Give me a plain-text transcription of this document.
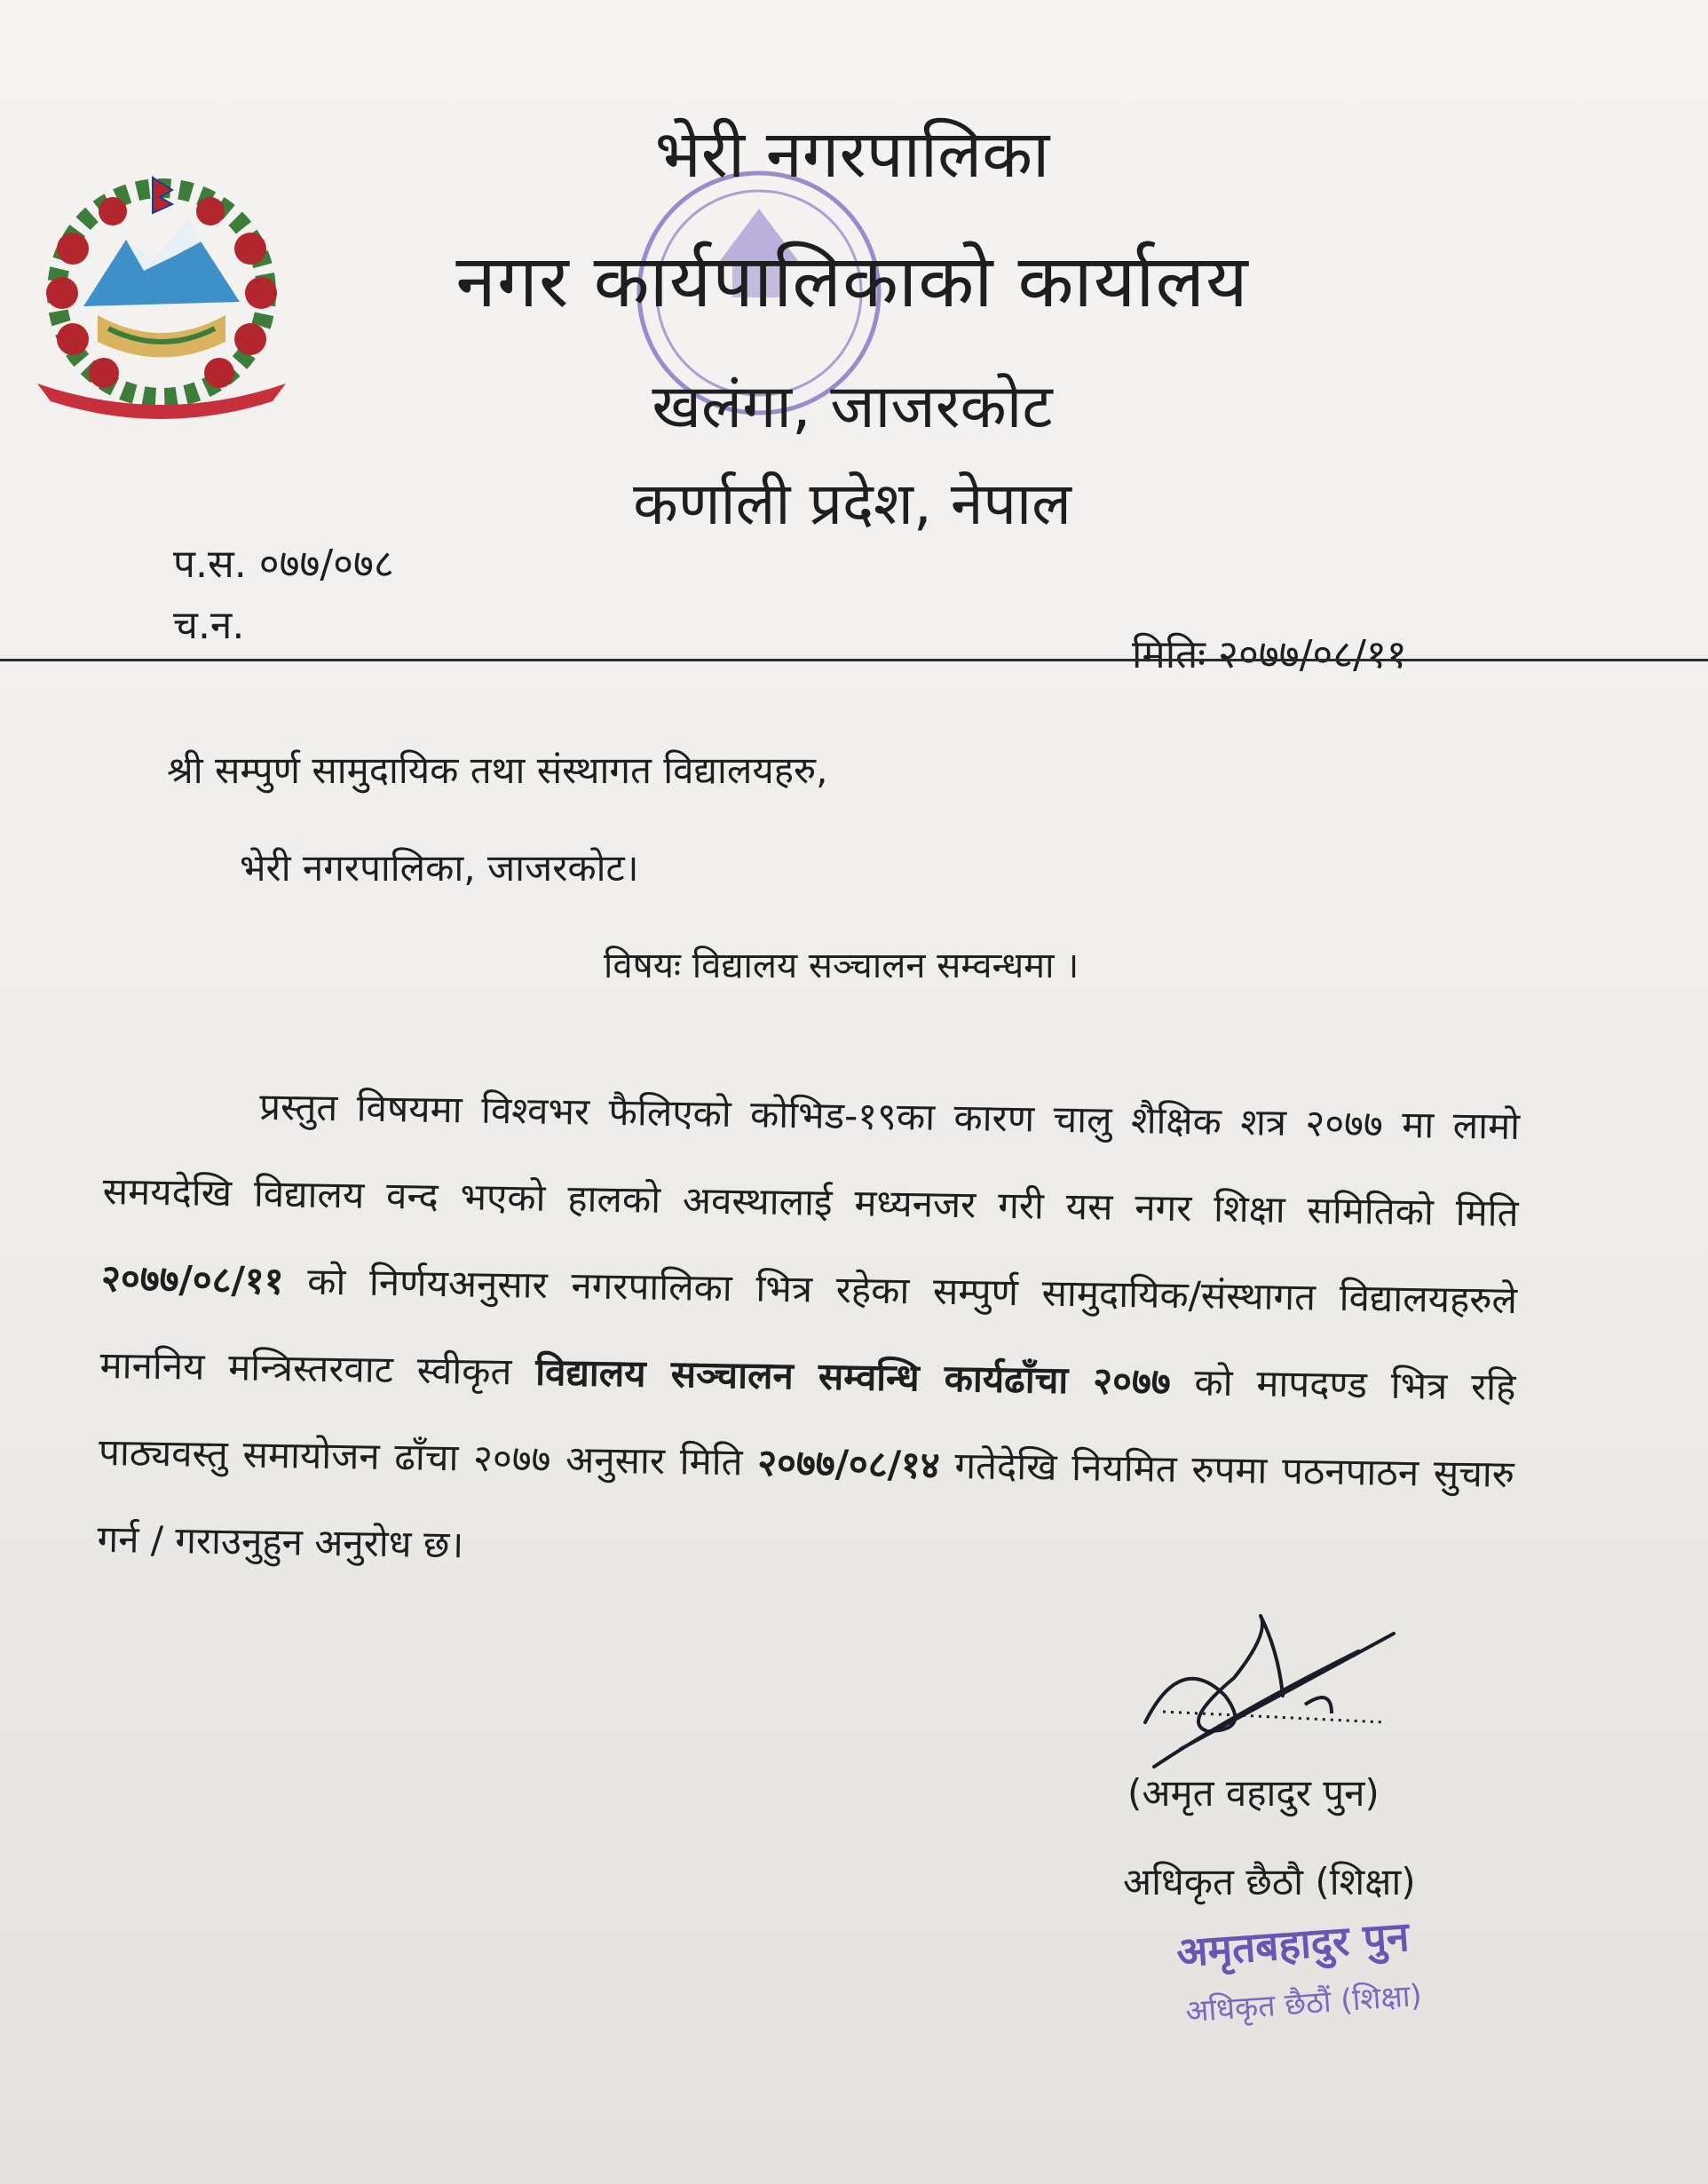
भेरी नगरपालिका
नगर कार्यपालिकाको कार्यालय
खलंगा, जाजरकोट
कर्णाली प्रदेश, नेपाल
प.स. ०७७/०७८
च.न.
मितिः २०७७/०८/११
श्री सम्पुर्ण सामुदायिक तथा संस्थागत विद्यालयहरु,
भेरी नगरपालिका, जाजरकोट।
विषयः विद्यालय सञ्चालन सम्वन्धमा ।
प्रस्तुत विषयमा विश्वभर फैलिएको कोभिड-१९का कारण चालु शैक्षिक शत्र २०७७ मा लामो समयदेखि विद्यालय वन्द भएको हालको अवस्थालाई मध्यनजर गरी यस नगर शिक्षा समितिको मिति २०७७/०८/११ को निर्णयअनुसार नगरपालिका भित्र रहेका सम्पुर्ण सामुदायिक/संस्थागत विद्यालयहरुले माननिय मन्त्रिस्तरवाट स्वीकृत विद्यालय सञ्चालन सम्वन्धि कार्यढाँचा २०७७ को मापदण्ड भित्र रहि पाठ्यवस्तु समायोजन ढाँचा २०७७ अनुसार मिति २०७७/०८/१४ गतेदेखि नियमित रुपमा पठनपाठन सुचारु गर्न / गराउनुहुन अनुरोध छ।
(अमृत वहादुर पुन)
अधिकृत छैठौ (शिक्षा)
अमृतबहादुर पुन
अधिकृत छैठौं (शिक्षा)
